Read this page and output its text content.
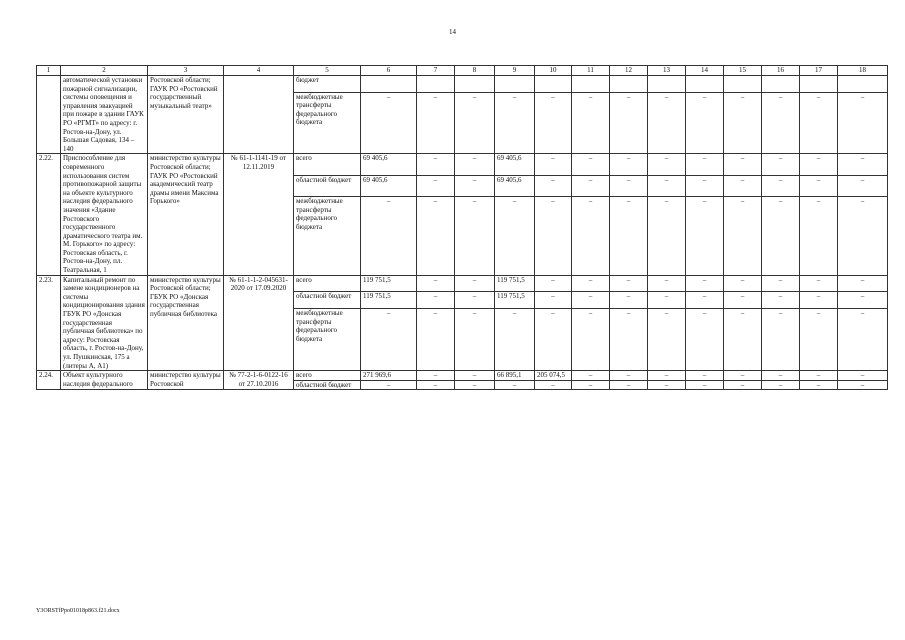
14
1	2	3	4	5	6	7	8	9	10	11	12	13	14	15	16	17	18
	автоматической установки пожарной сигнализации, системы оповещения и управления эвакуацией при пожаре в здании ГАУК РО «РГМТ» по адресу: г. Ростов-на-Дону, ул. Большая Садовая, 134 – 140	Ростовской области; ГАУК РО «Ростовский государственный музыкальный театр»		бюджет													
				межбюджетные трансферты федерального бюджета	–	–	–	–	–	–	–	–	–	–	–	–	–
2.22.	Приспособление для современного использования систем противопожарной защиты на объекте культурного наследия федерального значения «Здание Ростовского государственного драматического театра им. М. Горького» по адресу: Ростовская область, г. Ростов-на-Дону, пл. Театральная, 1	министерство культуры Ростовской области; ГАУК РО «Ростовский академический театр драмы имени Максима Горького»	№ 61-1-1141-19 от 12.11.2019	всего	69 405,6	–	–	69 405,6	–	–	–	–	–	–	–	–	–
				областной бюджет	69 405,6	–	–	69 405,6	–	–	–	–	–	–	–	–	–
				межбюджетные трансферты федерального бюджета	–	–	–	–	–	–	–	–	–	–	–	–	–
2.23.	Капитальный ремонт по замене кондиционеров на системы кондиционирования здания ГБУК РО «Донская государственная публичная библиотека» по адресу: Ростовская область, г. Ростов-на-Дону, ул. Пушкинская, 175 а (литеры А, А1)	министерство культуры Ростовской области; ГБУК РО «Донская государственная публичная библиотека	№ 61-1-1-2-045631-2020 от 17.09.2020	всего	119 751,5	–	–	119 751,5	–	–	–	–	–	–	–	–	–
				областной бюджет	119 751,5	–	–	119 751,5	–	–	–	–	–	–	–	–	–
				межбюджетные трансферты федерального бюджета	–	–	–	–	–	–	–	–	–	–	–	–	–
2.24.	Объект культурного наследия федерального	министерство культуры Ростовской	№ 77-2-1-6-0122-16 от 27.10.2016	всего	271 969,6	–	–	66 895,1	205 074,5	–	–	–	–	–	–	–	–
				областной бюджет	–	–	–	–	–	–	–	–	–	–	–	–	–
Y3ORSTfPpo01018p863.f21.docx
